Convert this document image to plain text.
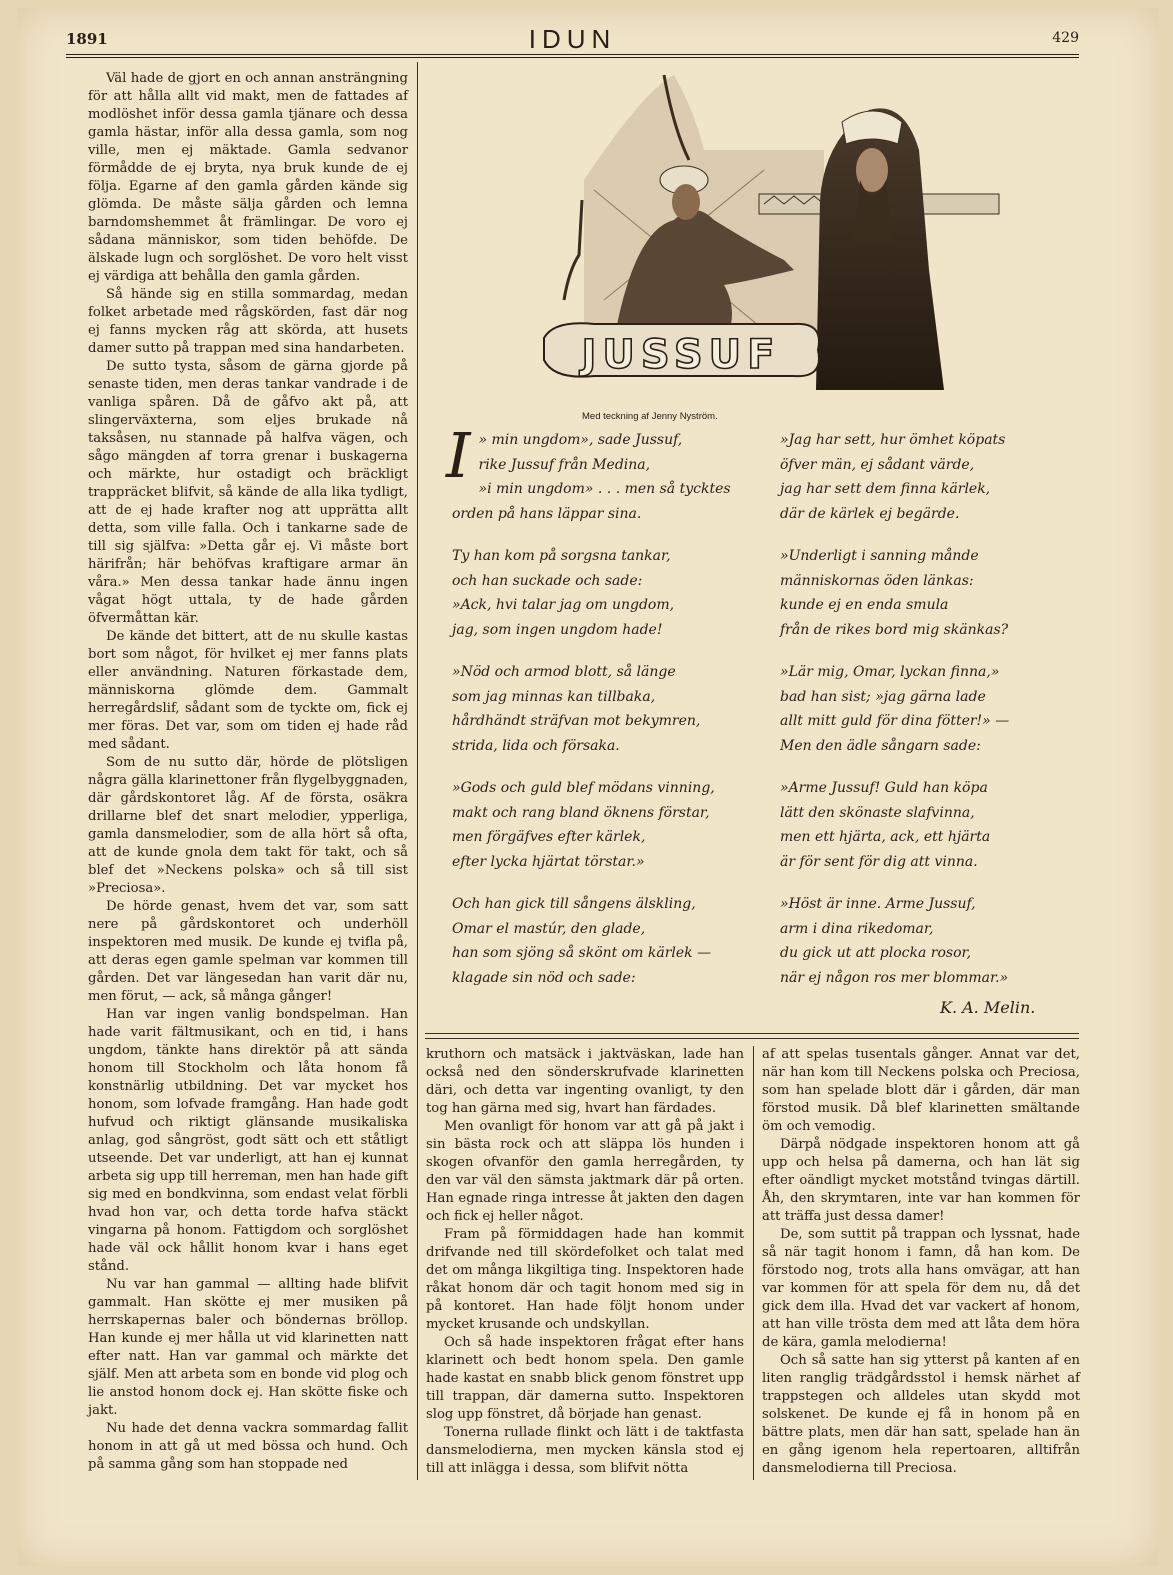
1891	IDUN	429

Väl hade de gjort en och annan ansträngning för att hålla allt vid makt, men de fattades af modlöshet inför dessa gamla tjänare och dessa gamla hästar, inför alla dessa gamla, som nog ville, men ej mäktade. Gamla sedvanor förmådde de ej bryta, nya bruk kunde de ej följa. Egarne af den gamla gården kände sig glömda. De måste sälja gården och lemna barndomshemmet åt främlingar. De voro ej sådana människor, som tiden behöfde. De älskade lugn och sorglöshet. De voro helt visst ej värdiga att behålla den gamla gården.

Så hände sig en stilla sommardag, medan folket arbetade med rågskörden, fast där nog ej fanns mycken råg att skörda, att husets damer sutto på trappan med sina handarbeten.

De sutto tysta, såsom de gärna gjorde på senaste tiden, men deras tankar vandrade i de vanliga spåren. Då de gåfvo akt på, att slingerväxterna, som eljes brukade nå taksåsen, nu stannade på halfva vägen, och sågo mängden af torra grenar i buskagerna och märkte, hur ostadigt och bräckligt trappräcket blifvit, så kände de alla lika tydligt, att de ej hade krafter nog att upprätta allt detta, som ville falla. Och i tankarne sade de till sig själfva: »Detta går ej. Vi måste bort härifrån; här behöfvas kraftigare armar än våra.» Men dessa tankar hade ännu ingen vågat högt uttala, ty de hade gården öfvermåttan kär.

De kände det bittert, att de nu skulle kastas bort som något, för hvilket ej mer fanns plats eller användning. Naturen förkastade dem, människorna glömde dem. Gammalt herregårdslif, sådant som de tyckte om, fick ej mer föras. Det var, som om tiden ej hade råd med sådant.

Som de nu sutto där, hörde de plötsligen några gälla klarinettoner från flygelbyggnaden, där gårdskontoret låg. Af de första, osäkra drillarne blef det snart melodier, ypperliga, gamla dansmelodier, som de alla hört så ofta, att de kunde gnola dem takt för takt, och så blef det »Neckens polska» och så till sist »Preciosa».

De hörde genast, hvem det var, som satt nere på gårdskontoret och underhöll inspektoren med musik. De kunde ej tvifla på, att deras egen gamle spelman var kommen till gården. Det var längesedan han varit där nu, men förut, — ack, så många gånger!

Han var ingen vanlig bondspelman. Han hade varit fältmusikant, och en tid, i hans ungdom, tänkte hans direktör på att sända honom till Stockholm och låta honom få konstnärlig utbildning. Det var mycket hos honom, som lofvade framgång. Han hade godt hufvud och riktigt glänsande musikaliska anlag, god sångröst, godt sätt och ett ståtligt utseende. Det var underligt, att han ej kunnat arbeta sig upp till herreman, men han hade gift sig med en bondkvinna, som endast velat förbli hvad hon var, och detta torde hafva stäckt vingarna på honom. Fattigdom och sorglöshet hade väl ock hållit honom kvar i hans eget stånd.

Nu var han gammal — allting hade blifvit gammalt. Han skötte ej mer musiken på herrskapernas baler och böndernas bröllop. Han kunde ej mer hålla ut vid klarinetten natt efter natt. Han var gammal och märkte det själf. Men att arbeta som en bonde vid plog och lie anstod honom dock ej. Han skötte fiske och jakt.

Nu hade det denna vackra sommardag fallit honom in att gå ut med bössa och hund. Och på samma gång som han stoppade ned

kruthorn och matsäck i jaktväskan, lade han också ned den sönderskrufvade klarinetten däri, och detta var ingenting ovanligt, ty den tog han gärna med sig, hvart han färdades.

Men ovanligt för honom var att gå på jakt i sin bästa rock och att släppa lös hunden i skogen ofvanför den gamla herregården, ty den var väl den sämsta jaktmark där på orten. Han egnade ringa intresse åt jakten den dagen och fick ej heller något.

Fram på förmiddagen hade han kommit drifvande ned till skördefolket och talat med det om många likgiltiga ting. Inspektoren hade råkat honom där och tagit honom med sig in på kontoret. Han hade följt honom under mycket krusande och undskyllan.

Och så hade inspektoren frågat efter hans klarinett och bedt honom spela. Den gamle hade kastat en snabb blick genom fönstret upp till trappan, där damerna sutto. Inspektoren slog upp fönstret, då började han genast.

Tonerna rullade flinkt och lätt i de taktfasta dansmelodierna, men mycken känsla stod ej till att inlägga i dessa, som blifvit nötta

af att spelas tusentals gånger. Annat var det, när han kom till Neckens polska och Preciosa, som han spelade blott där i gården, där man förstod musik. Då blef klarinetten smältande öm och vemodig.

Därpå nödgade inspektoren honom att gå upp och helsa på damerna, och han lät sig efter oändligt mycket motstånd tvingas därtill. Åh, den skrymtaren, inte var han kommen för att träffa just dessa damer!

De, som suttit på trappan och lyssnat, hade så när tagit honom i famn, då han kom. De förstodo nog, trots alla hans omvägar, att han var kommen för att spela för dem nu, då det gick dem illa. Hvad det var vackert af honom, att han ville trösta dem med att låta dem höra de kära, gamla melodierna!

Och så satte han sig ytterst på kanten af en liten ranglig trädgårdsstol i hemsk närhet af trappstegen och alldeles utan skydd mot solskenet. De kunde ej få in honom på en bättre plats, men där han satt, spelade han än en gång igenom hela repertoaren, alltifrån dansmelodierna till Preciosa.

JUSSUF
Med teckning af Jenny Nyström.
I » min ungdom», sade Jussuf,
rike Jussuf från Medina,
»i min ungdom» . . . men så tycktes
orden på hans läppar sina.
Ty han kom på sorgsna tankar,
och han suckade och sade:
»Ack, hvi talar jag om ungdom,
jag, som ingen ungdom hade!
»Nöd och armod blott, så länge
som jag minnas kan tillbaka,
hårdhändt sträfvan mot bekymren,
strida, lida och försaka.
»Gods och guld blef mödans vinning,
makt och rang bland öknens förstar,
men förgäfves efter kärlek,
efter lycka hjärtat törstar.»
Och han gick till sångens älskling,
Omar el mastúr, den glade,
han som sjöng så skönt om kärlek —
klagade sin nöd och sade:
»Jag har sett, hur ömhet köpats
öfver män, ej sådant värde,
jag har sett dem finna kärlek,
där de kärlek ej begärde.
»Underligt i sanning månde
människornas öden länkas:
kunde ej en enda smula
från de rikes bord mig skänkas?
»Lär mig, Omar, lyckan finna,»
bad han sist; »jag gärna lade
allt mitt guld för dina fötter!» —
Men den ädle sångarn sade:
»Arme Jussuf! Guld han köpa
lätt den skönaste slafvinna,
men ett hjärta, ack, ett hjärta
är för sent för dig att vinna.
»Höst är inne. Arme Jussuf,
arm i dina rikedomar,
du gick ut att plocka rosor,
när ej någon ros mer blommar.»
K. A. Melin.
